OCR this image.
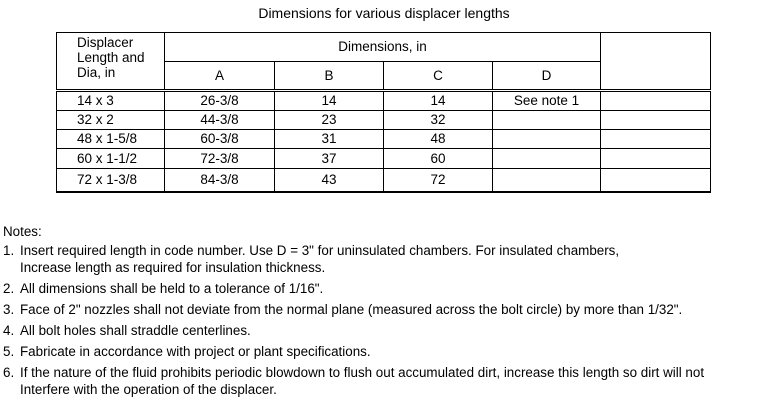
Dimensions for various displacer lengths
Displacer
Length and
Dia, in	Dimensions, in				
	A	B	C	D	
14 x 3	26-3/8	14	14	See note 1	
32 x 2	44-3/8	23	32		
48 x 1-5/8	60-3/8	31	48		
60 x 1-1/2	72-3/8	37	60		
72 x 1-3/8	84-3/8	43	72		
Notes:
1. Insert required length in code number. Use D = 3" for uninsulated chambers. For insulated chambers,
Increase length as required for insulation thickness.
2. All dimensions shall be held to a tolerance of 1/16".
3. Face of 2" nozzles shall not deviate from the normal plane (measured across the bolt circle) by more than 1/32".
4. All bolt holes shall straddle centerlines.
5. Fabricate in accordance with project or plant specifications.
6. If the nature of the fluid prohibits periodic blowdown to flush out accumulated dirt, increase this length so dirt will not
Interfere with the operation of the displacer.
